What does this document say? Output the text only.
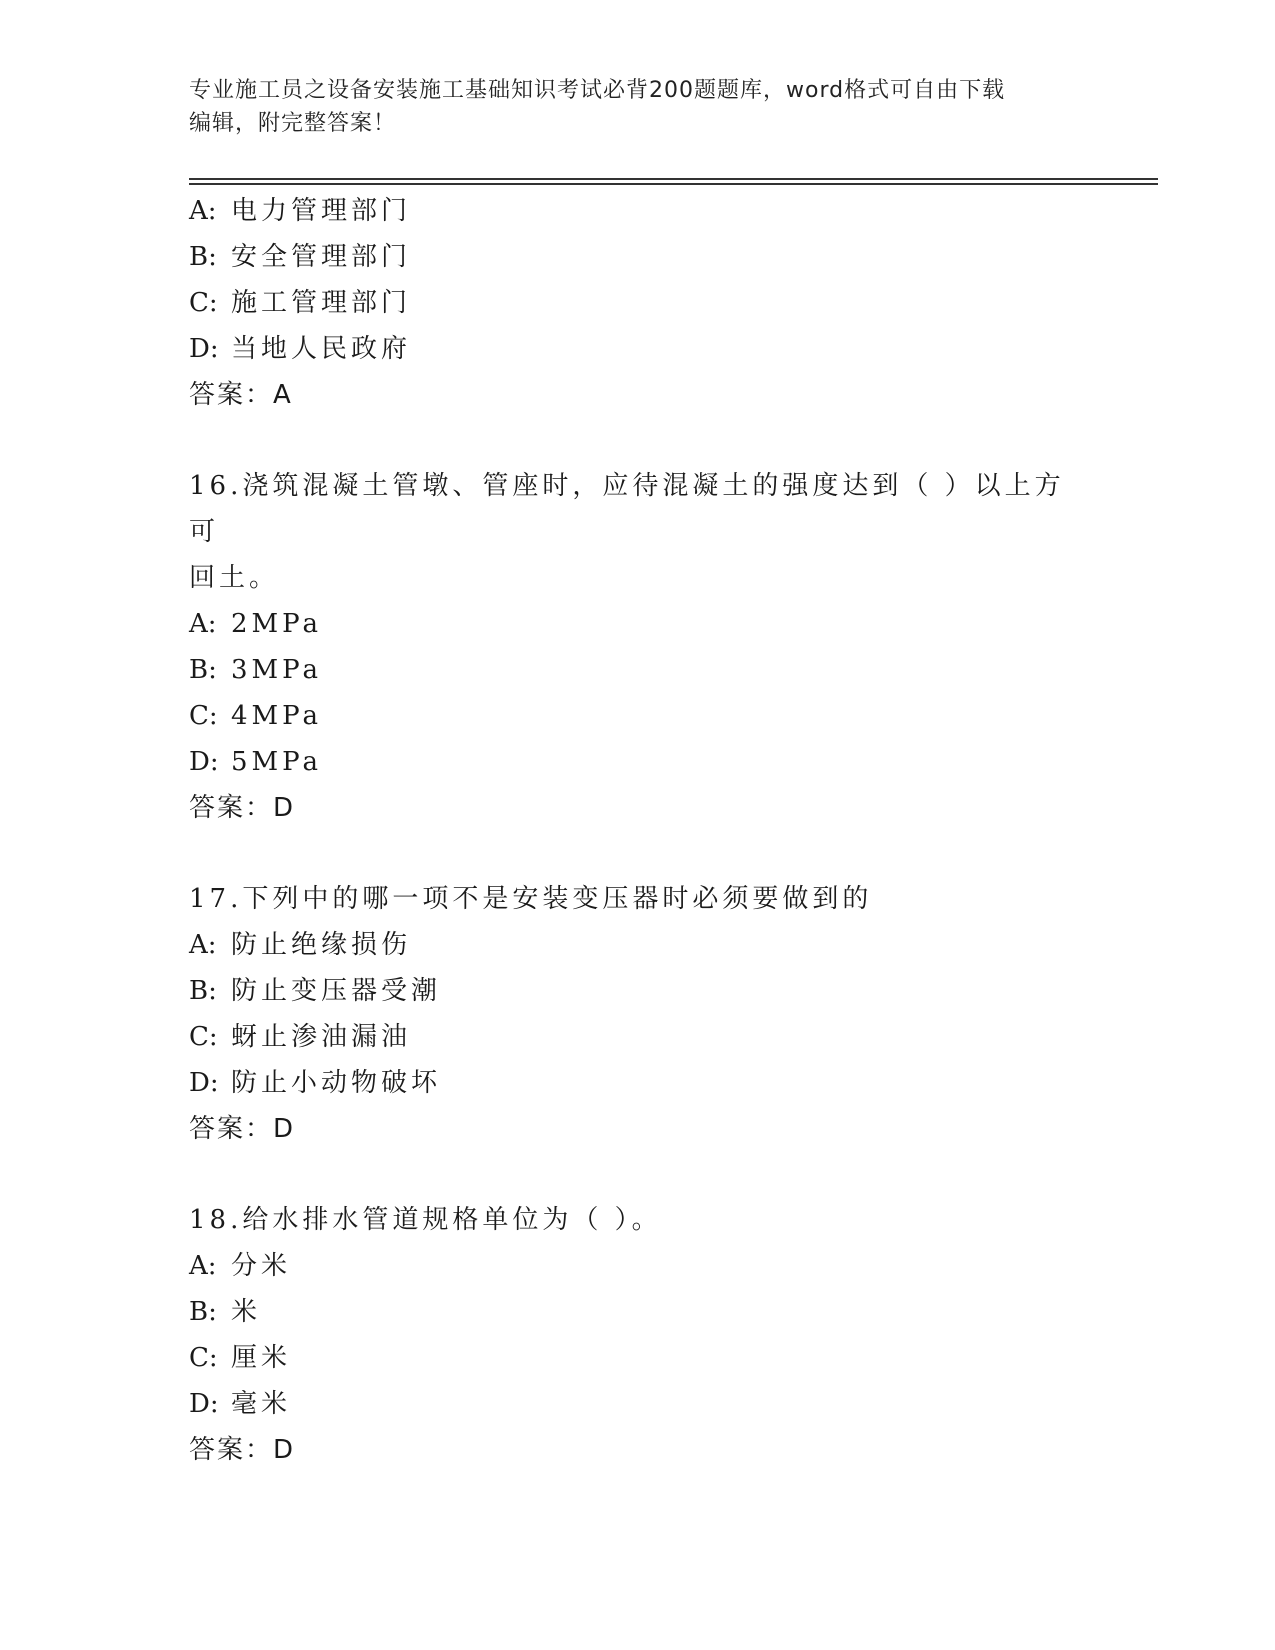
专业施工员之设备安装施工基础知识考试必背200题题库，word格式可自由下载
编辑，附完整答案！
A: 电力管理部门
B: 安全管理部门
C: 施工管理部门
D: 当地人民政府
答案：A
16.浇筑混凝土管墩、管座时，应待混凝土的强度达到（ ）以上方可
回土。
A: 2MPa
B: 3MPa
C: 4MPa
D: 5MPa
答案：D
17.下列中的哪一项不是安装变压器时必须要做到的
A: 防止绝缘损伤
B: 防止变压器受潮
C: 蚜止渗油漏油
D: 防止小动物破坏
答案：D
18.给水排水管道规格单位为（ ）。
A: 分米
B: 米
C: 厘米
D: 毫米
答案：D
